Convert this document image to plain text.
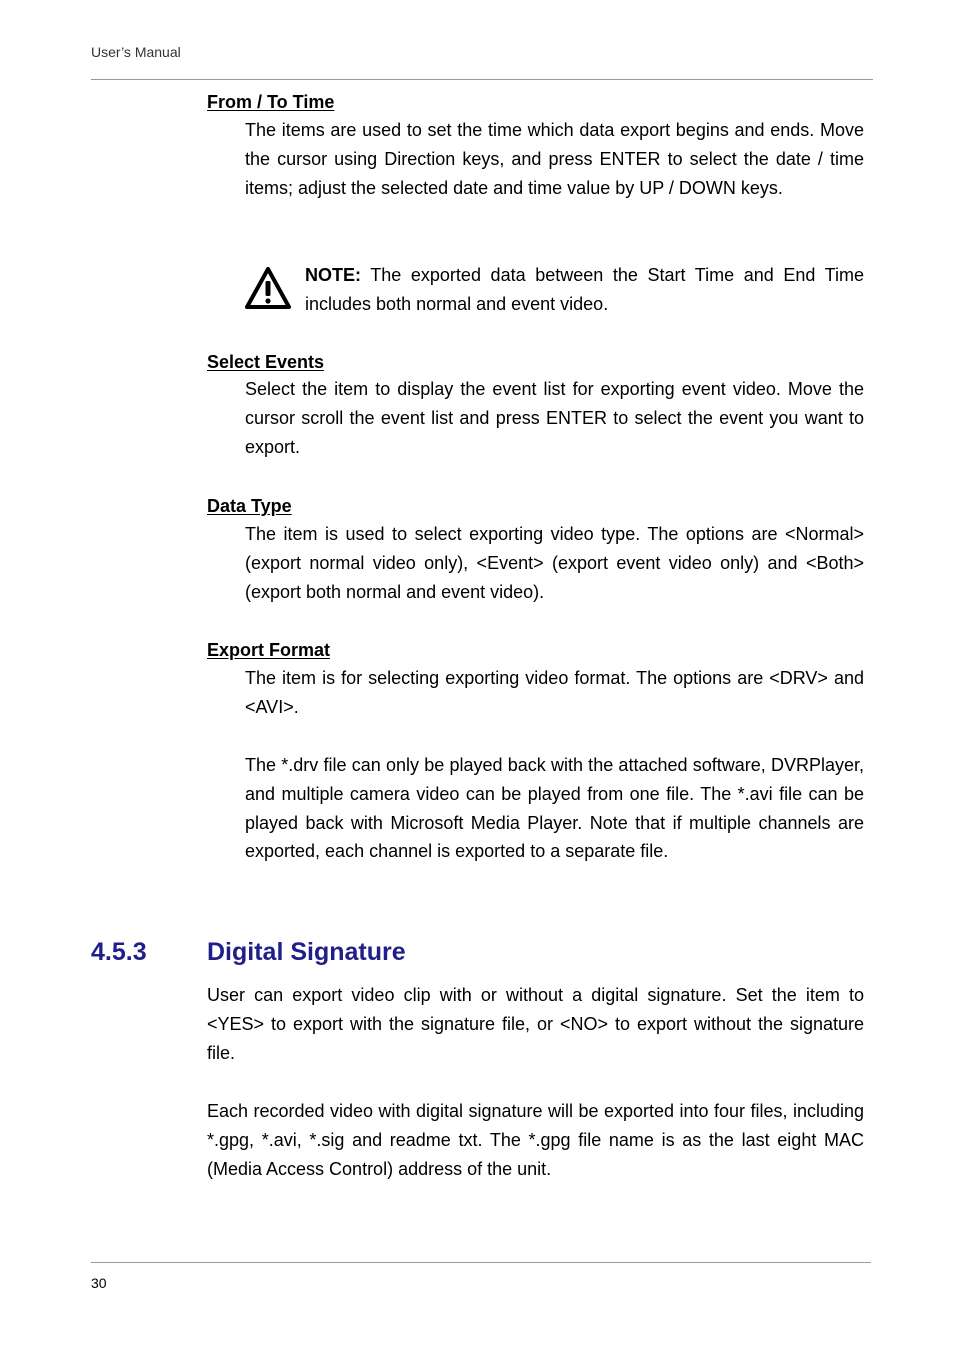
User’s Manual
From / To Time

The items are used to set the time which data export begins and ends. Move the cursor using Direction keys, and press ENTER to select the date / time items; adjust the selected date and time value by UP / DOWN keys.

NOTE: The exported data between the Start Time and End Time includes both normal and event video.

Select Events

Select the item to display the event list for exporting event video. Move the cursor scroll the event list and press ENTER to select the event you want to export.

Data Type

The item is used to select exporting video type. The options are <Normal> (export normal video only), <Event> (export event video only) and <Both> (export both normal and event video).

Export Format

The item is for selecting exporting video format. The options are <DRV> and <AVI>.

The *.drv file can only be played back with the attached software, DVRPlayer, and multiple camera video can be played from one file. The *.avi file can be played back with Microsoft Media Player. Note that if multiple channels are exported, each channel is exported to a separate file.

4.5.3 Digital Signature

User can export video clip with or without a digital signature. Set the item to <YES> to export with the signature file, or <NO> to export without the signature file.

Each recorded video with digital signature will be exported into four files, including *.gpg, *.avi, *.sig and readme txt. The *.gpg file name is as the last eight MAC (Media Access Control) address of the unit.

30
